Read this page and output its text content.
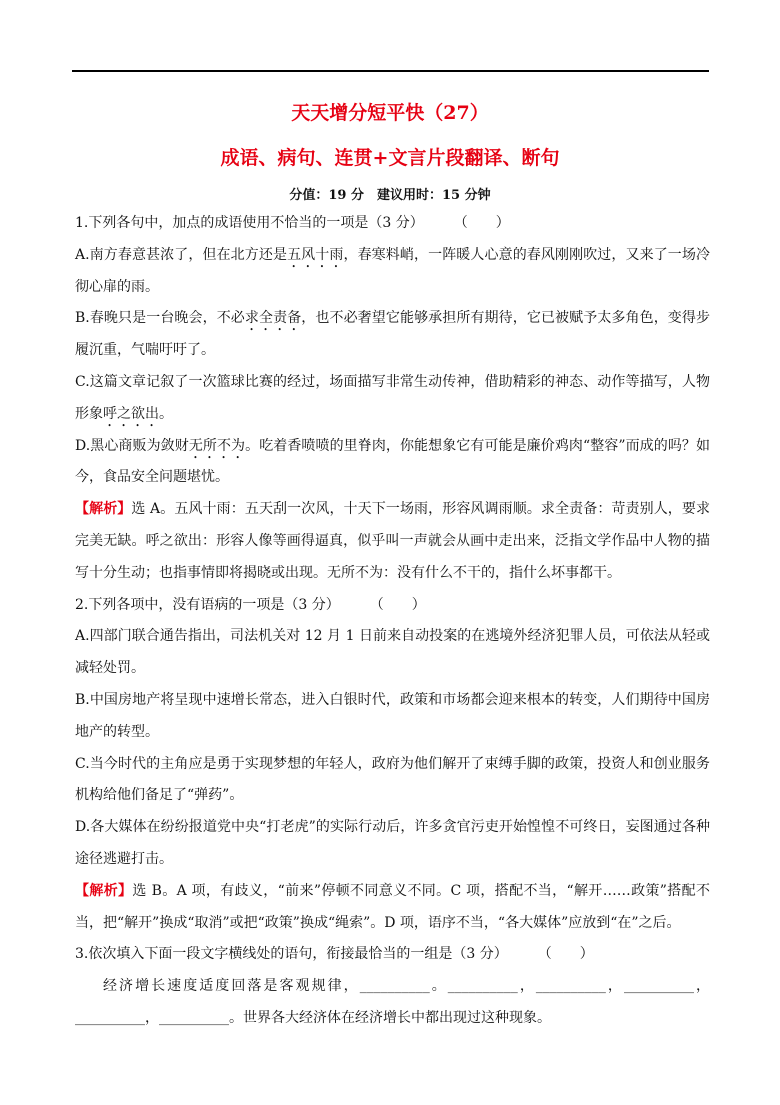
天天增分短平快（27）
成语、病句、连贯+文言片段翻译、断句
分值：19 分　建议用时：15 分钟

1.下列各句中，加点的成语使用不恰当的一项是（3 分） （　　）

A.南方春意甚浓了，但在北方还是五风十雨，春寒料峭，一阵暖人心意的春风刚刚吹过，又来了一场冷彻心扉的雨。

B.春晚只是一台晚会，不必求全责备，也不必奢望它能够承担所有期待，它已被赋予太多角色，变得步履沉重，气喘吁吁了。

C.这篇文章记叙了一次篮球比赛的经过，场面描写非常生动传神，借助精彩的神态、动作等描写，人物形象呼之欲出。

D.黑心商贩为敛财无所不为。吃着香喷喷的里脊肉，你能想象它有可能是廉价鸡肉“整容”而成的吗？如今，食品安全问题堪忧。

【解析】选 A。五风十雨：五天刮一次风，十天下一场雨，形容风调雨顺。求全责备：苛责别人，要求完美无缺。呼之欲出：形容人像等画得逼真，似乎叫一声就会从画中走出来，泛指文学作品中人物的描写十分生动；也指事情即将揭晓或出现。无所不为：没有什么不干的，指什么坏事都干。

2.下列各项中，没有语病的一项是（3 分） （　　）

A.四部门联合通告指出，司法机关对 12 月 1 日前来自动投案的在逃境外经济犯罪人员，可依法从轻或减轻处罚。

B.中国房地产将呈现中速增长常态，进入白银时代，政策和市场都会迎来根本的转变，人们期待中国房地产的转型。

C.当今时代的主角应是勇于实现梦想的年轻人，政府为他们解开了束缚手脚的政策，投资人和创业服务机构给他们备足了“弹药”。

D.各大媒体在纷纷报道党中央“打老虎”的实际行动后，许多贪官污吏开始惶惶不可终日，妄图通过各种途径逃避打击。

【解析】选 B。A 项，有歧义，“前来”停顿不同意义不同。C 项，搭配不当，“解开……政策”搭配不当，把“解开”换成“取消”或把“政策”换成“绳索”。D 项，语序不当，“各大媒体”应放到“在”之后。

3.依次填入下面一段文字横线处的语句，衔接最恰当的一组是（3 分） （　　）

经济增长速度适度回落是客观规律，__________。__________，__________，__________，__________，__________。世界各大经济体在经济增长中都出现过这种现象。
